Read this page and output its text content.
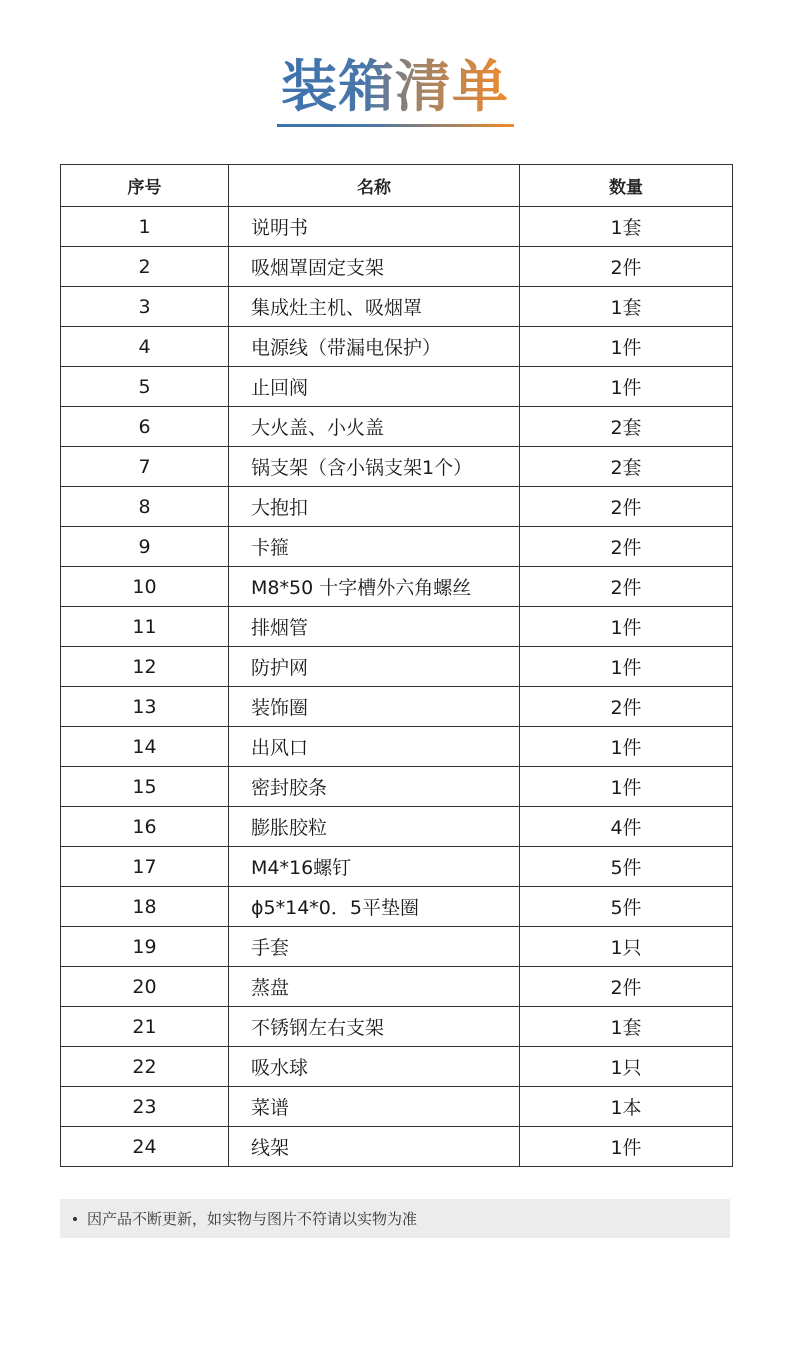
装箱清单
序号	名称	数量
1	说明书	1套
2	吸烟罩固定支架	2件
3	集成灶主机、吸烟罩	1套
4	电源线（带漏电保护）	1件
5	止回阀	1件
6	大火盖、小火盖	2套
7	锅支架（含小锅支架1个）	2套
8	大抱扣	2件
9	卡箍	2件
10	M8*50 十字槽外六角螺丝	2件
11	排烟管	1件
12	防护网	1件
13	装饰圈	2件
14	出风口	1件
15	密封胶条	1件
16	膨胀胶粒	4件
17	M4*16螺钉	5件
18	ϕ5*14*0．5平垫圈	5件
19	手套	1只
20	蒸盘	2件
21	不锈钢左右支架	1套
22	吸水球	1只
23	菜谱	1本
24	线架	1件
因产品不断更新，如实物与图片不符请以实物为准
